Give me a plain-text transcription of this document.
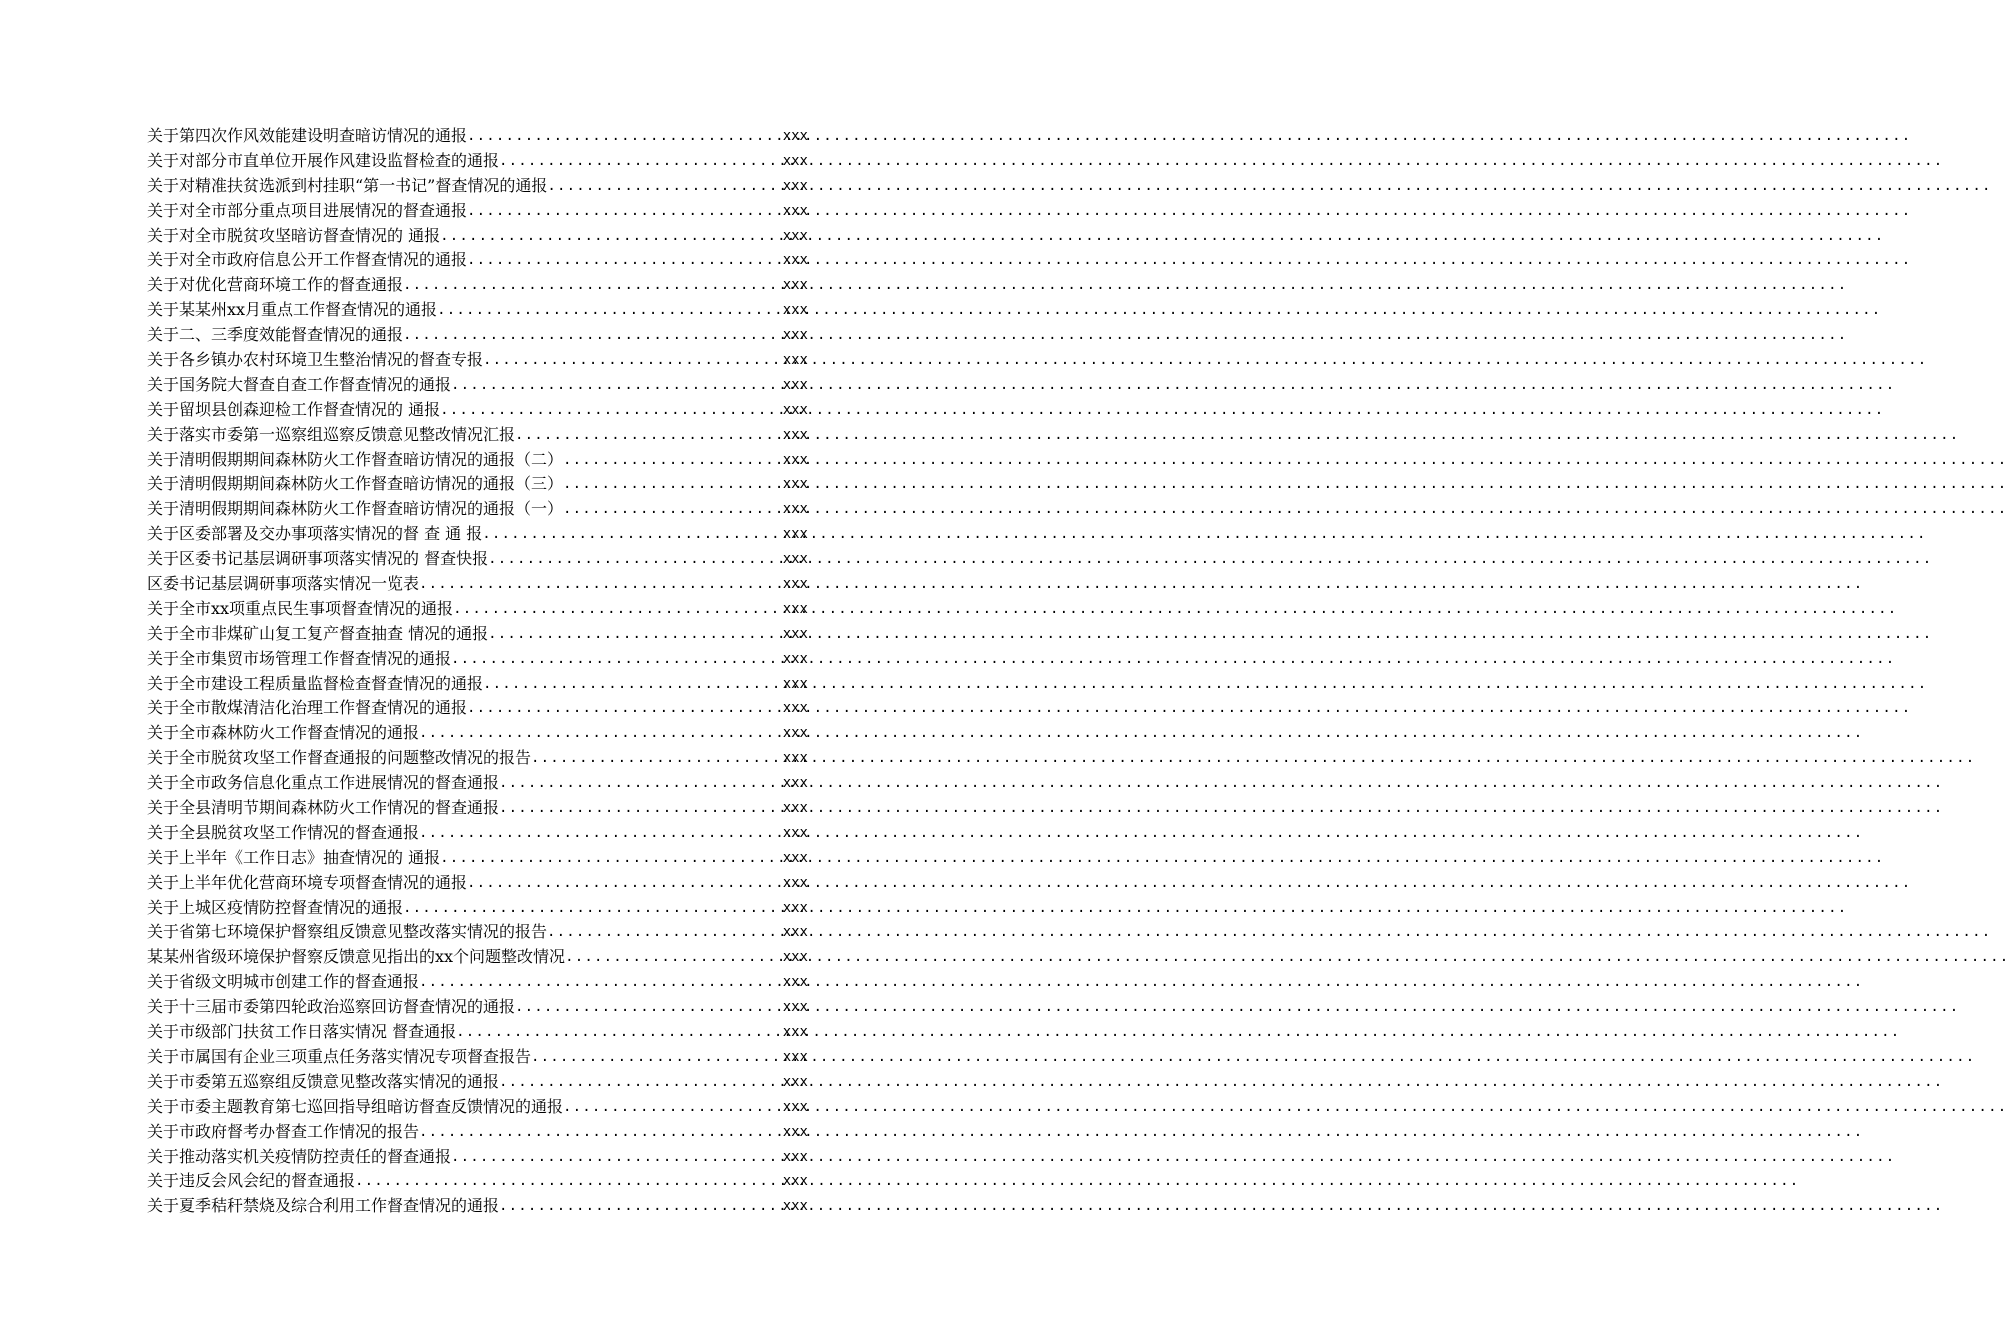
关于第四次作风效能建设明查暗访情况的通报 .....	xxx
关于对部分市直单位开展作风建设监督检查的通报 .....	xxx
关于对精准扶贫选派到村挂职“第一书记”督查情况的通报 .....	xxx
关于对全市部分重点项目进展情况的督查通报 .....	xxx
关于对全市脱贫攻坚暗访督查情况的 通报 .....	xxx
关于对全市政府信息公开工作督查情况的通报 .....	xxx
关于对优化营商环境工作的督查通报 .....	xxx
关于某某州xx月重点工作督查情况的通报 .....	xxx
关于二、三季度效能督查情况的通报 .....	xxx
关于各乡镇办农村环境卫生整治情况的督查专报 .....	xxx
关于国务院大督查自查工作督查情况的通报 .....	xxx
关于留坝县创森迎检工作督查情况的 通报 .....	xxx
关于落实市委第一巡察组巡察反馈意见整改情况汇报 .....	xxx
关于清明假期期间森林防火工作督查暗访情况的通报（二） .....	xxx
关于清明假期期间森林防火工作督查暗访情况的通报（三） .....	xxx
关于清明假期期间森林防火工作督查暗访情况的通报（一） .....	xxx
关于区委部署及交办事项落实情况的督 查 通 报 .....	xxx
关于区委书记基层调研事项落实情况的 督查快报 .....	xxx
区委书记基层调研事项落实情况一览表 .....	xxx
关于全市xx项重点民生事项督查情况的通报 .....	xxx
关于全市非煤矿山复工复产督查抽查 情况的通报 .....	xxx
关于全市集贸市场管理工作督查情况的通报 .....	xxx
关于全市建设工程质量监督检查督查情况的通报 .....	xxx
关于全市散煤清洁化治理工作督查情况的通报 .....	xxx
关于全市森林防火工作督查情况的通报 .....	xxx
关于全市脱贫攻坚工作督查通报的问题整改情况的报告 .....	xxx
关于全市政务信息化重点工作进展情况的督查通报 .....	xxx
关于全县清明节期间森林防火工作情况的督查通报 .....	xxx
关于全县脱贫攻坚工作情况的督查通报 .....	xxx
关于上半年《工作日志》抽查情况的 通报 .....	xxx
关于上半年优化营商环境专项督查情况的通报 .....	xxx
关于上城区疫情防控督查情况的通报 .....	xxx
关于省第七环境保护督察组反馈意见整改落实情况的报告 .....	xxx
某某州省级环境保护督察反馈意见指出的xx个问题整改情况 .....	xxx
关于省级文明城市创建工作的督查通报 .....	xxx
关于十三届市委第四轮政治巡察回访督查情况的通报 .....	xxx
关于市级部门扶贫工作日落实情况 督查通报 .....	xxx
关于市属国有企业三项重点任务落实情况专项督查报告 .....	xxx
关于市委第五巡察组反馈意见整改落实情况的通报 .....	xxx
关于市委主题教育第七巡回指导组暗访督查反馈情况的通报 .....	xxx
关于市政府督考办督查工作情况的报告 .....	xxx
关于推动落实机关疫情防控责任的督查通报 .....	xxx
关于违反会风会纪的督查通报 .....	xxx
关于夏季秸秆禁烧及综合利用工作督查情况的通报 .....	xxx
